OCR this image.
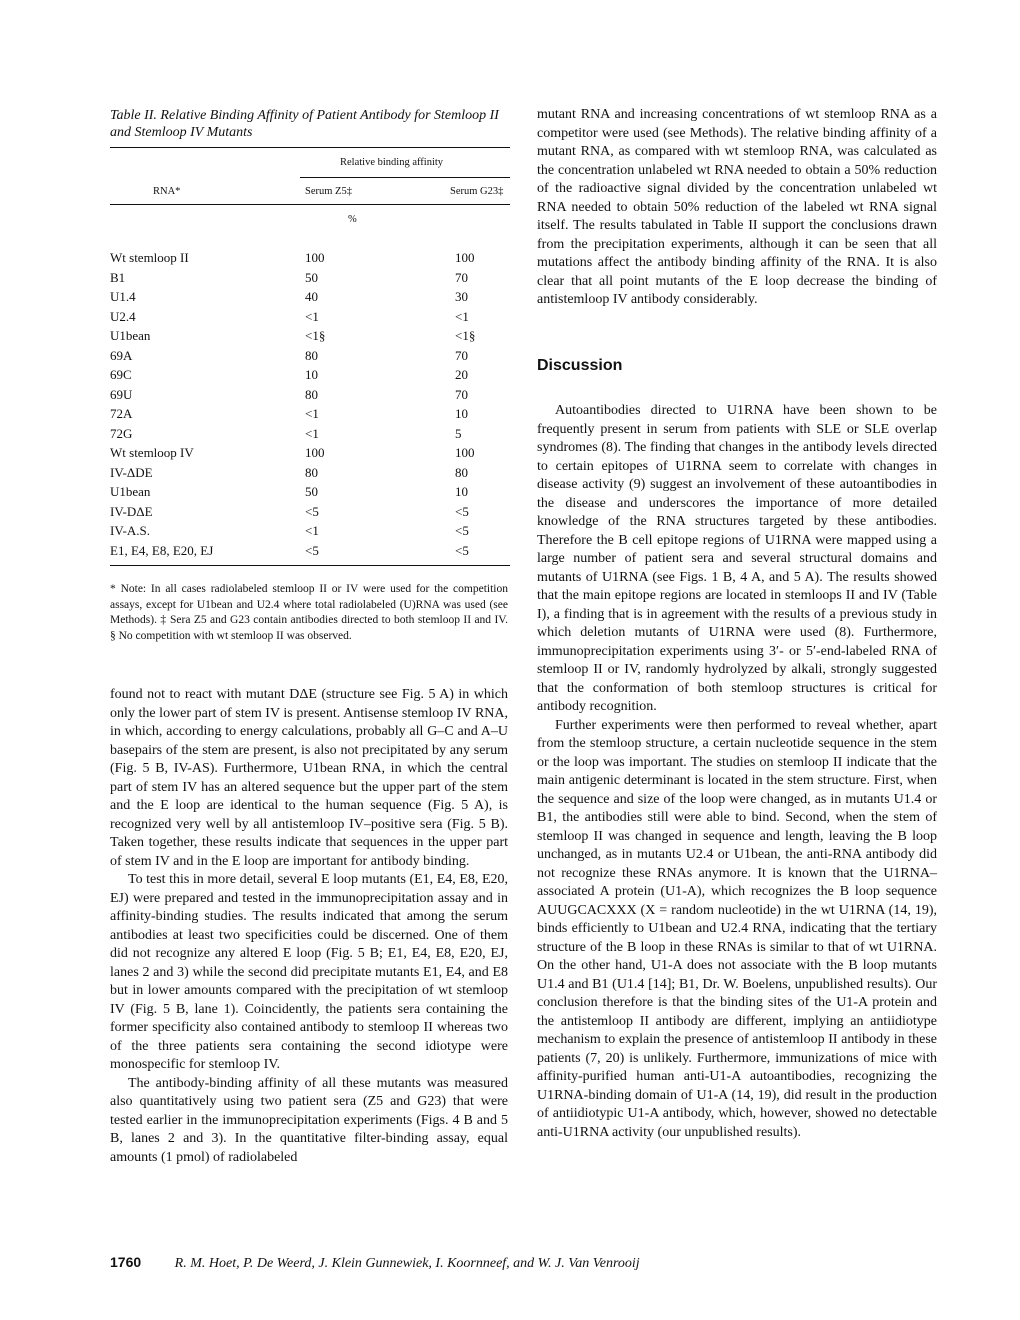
Table II. Relative Binding Affinity of Patient Antibody for Stemloop II and Stemloop IV Mutants
Relative binding affinity
RNA*	Serum Z5‡	Serum G23‡
%
Wt stemloop II	100	100
B1	50	70
U1.4	40	30
U2.4	<1	<1
U1bean	<1§	<1§
69A	80	70
69C	10	20
69U	80	70
72A	<1	10
72G	<1	5
Wt stemloop IV	100	100
IV-ΔDE	80	80
U1bean	50	10
IV-DΔE	<5	<5
IV-A.S.	<1	<5
E1, E4, E8, E20, EJ	<5	<5
* Note: In all cases radiolabeled stemloop II or IV were used for the competition assays, except for U1bean and U2.4 where total radiolabeled (U)RNA was used (see Methods). ‡ Sera Z5 and G23 contain antibodies directed to both stemloop II and IV. § No competition with wt stemloop II was observed.

found not to react with mutant DΔE (structure see Fig. 5 A) in which only the lower part of stem IV is present. Antisense stemloop IV RNA, in which, according to energy calculations, probably all G–C and A–U basepairs of the stem are present, is also not precipitated by any serum (Fig. 5 B, IV-AS). Furthermore, U1bean RNA, in which the central part of stem IV has an altered sequence but the upper part of the stem and the E loop are identical to the human sequence (Fig. 5 A), is recognized very well by all antistemloop IV–positive sera (Fig. 5 B). Taken together, these results indicate that sequences in the upper part of stem IV and in the E loop are important for antibody binding.

To test this in more detail, several E loop mutants (E1, E4, E8, E20, EJ) were prepared and tested in the immunoprecipitation assay and in affinity-binding studies. The results indicated that among the serum antibodies at least two specificities could be discerned. One of them did not recognize any altered E loop (Fig. 5 B; E1, E4, E8, E20, EJ, lanes 2 and 3) while the second did precipitate mutants E1, E4, and E8 but in lower amounts compared with the precipitation of wt stemloop IV (Fig. 5 B, lane 1). Coincidently, the patients sera containing the former specificity also contained antibody to stemloop II whereas two of the three patients sera containing the second idiotype were monospecific for stemloop IV.

The antibody-binding affinity of all these mutants was measured also quantitatively using two patient sera (Z5 and G23) that were tested earlier in the immunoprecipitation experiments (Figs. 4 B and 5 B, lanes 2 and 3). In the quantitative filter-binding assay, equal amounts (1 pmol) of radiolabeled

mutant RNA and increasing concentrations of wt stemloop RNA as a competitor were used (see Methods). The relative binding affinity of a mutant RNA, as compared with wt stemloop RNA, was calculated as the concentration unlabeled wt RNA needed to obtain a 50% reduction of the radioactive signal divided by the concentration unlabeled wt RNA needed to obtain 50% reduction of the labeled wt RNA signal itself. The results tabulated in Table II support the conclusions drawn from the precipitation experiments, although it can be seen that all mutations affect the antibody binding affinity of the RNA. It is also clear that all point mutants of the E loop decrease the binding of antistemloop IV antibody considerably.

Discussion

Autoantibodies directed to U1RNA have been shown to be frequently present in serum from patients with SLE or SLE overlap syndromes (8). The finding that changes in the antibody levels directed to certain epitopes of U1RNA seem to correlate with changes in disease activity (9) suggest an involvement of these autoantibodies in the disease and underscores the importance of more detailed knowledge of the RNA structures targeted by these antibodies. Therefore the B cell epitope regions of U1RNA were mapped using a large number of patient sera and several structural domains and mutants of U1RNA (see Figs. 1 B, 4 A, and 5 A). The results showed that the main epitope regions are located in stemloops II and IV (Table I), a finding that is in agreement with the results of a previous study in which deletion mutants of U1RNA were used (8). Furthermore, immunoprecipitation experiments using 3′- or 5′-end-labeled RNA of stemloop II or IV, randomly hydrolyzed by alkali, strongly suggested that the conformation of both stemloop structures is critical for antibody recognition.

Further experiments were then performed to reveal whether, apart from the stemloop structure, a certain nucleotide sequence in the stem or the loop was important. The studies on stemloop II indicate that the main antigenic determinant is located in the stem structure. First, when the sequence and size of the loop were changed, as in mutants U1.4 or B1, the antibodies still were able to bind. Second, when the stem of stemloop II was changed in sequence and length, leaving the B loop unchanged, as in mutants U2.4 or U1bean, the anti-RNA antibody did not recognize these RNAs anymore. It is known that the U1RNA–associated A protein (U1-A), which recognizes the B loop sequence AUUGCACXXX (X = random nucleotide) in the wt U1RNA (14, 19), binds efficiently to U1bean and U2.4 RNA, indicating that the tertiary structure of the B loop in these RNAs is similar to that of wt U1RNA. On the other hand, U1-A does not associate with the B loop mutants U1.4 and B1 (U1.4 [14]; B1, Dr. W. Boelens, unpublished results). Our conclusion therefore is that the binding sites of the U1-A protein and the antistemloop II antibody are different, implying an antiidiotype mechanism to explain the presence of antistemloop II antibody in these patients (7, 20) is unlikely. Furthermore, immunizations of mice with affinity-purified human anti-U1-A autoantibodies, recognizing the U1RNA-binding domain of U1-A (14, 19), did result in the production of antiidiotypic U1-A antibody, which, however, showed no detectable anti-U1RNA activity (our unpublished results).

1760 R. M. Hoet, P. De Weerd, J. Klein Gunnewiek, I. Koornneef, and W. J. Van Venrooij
